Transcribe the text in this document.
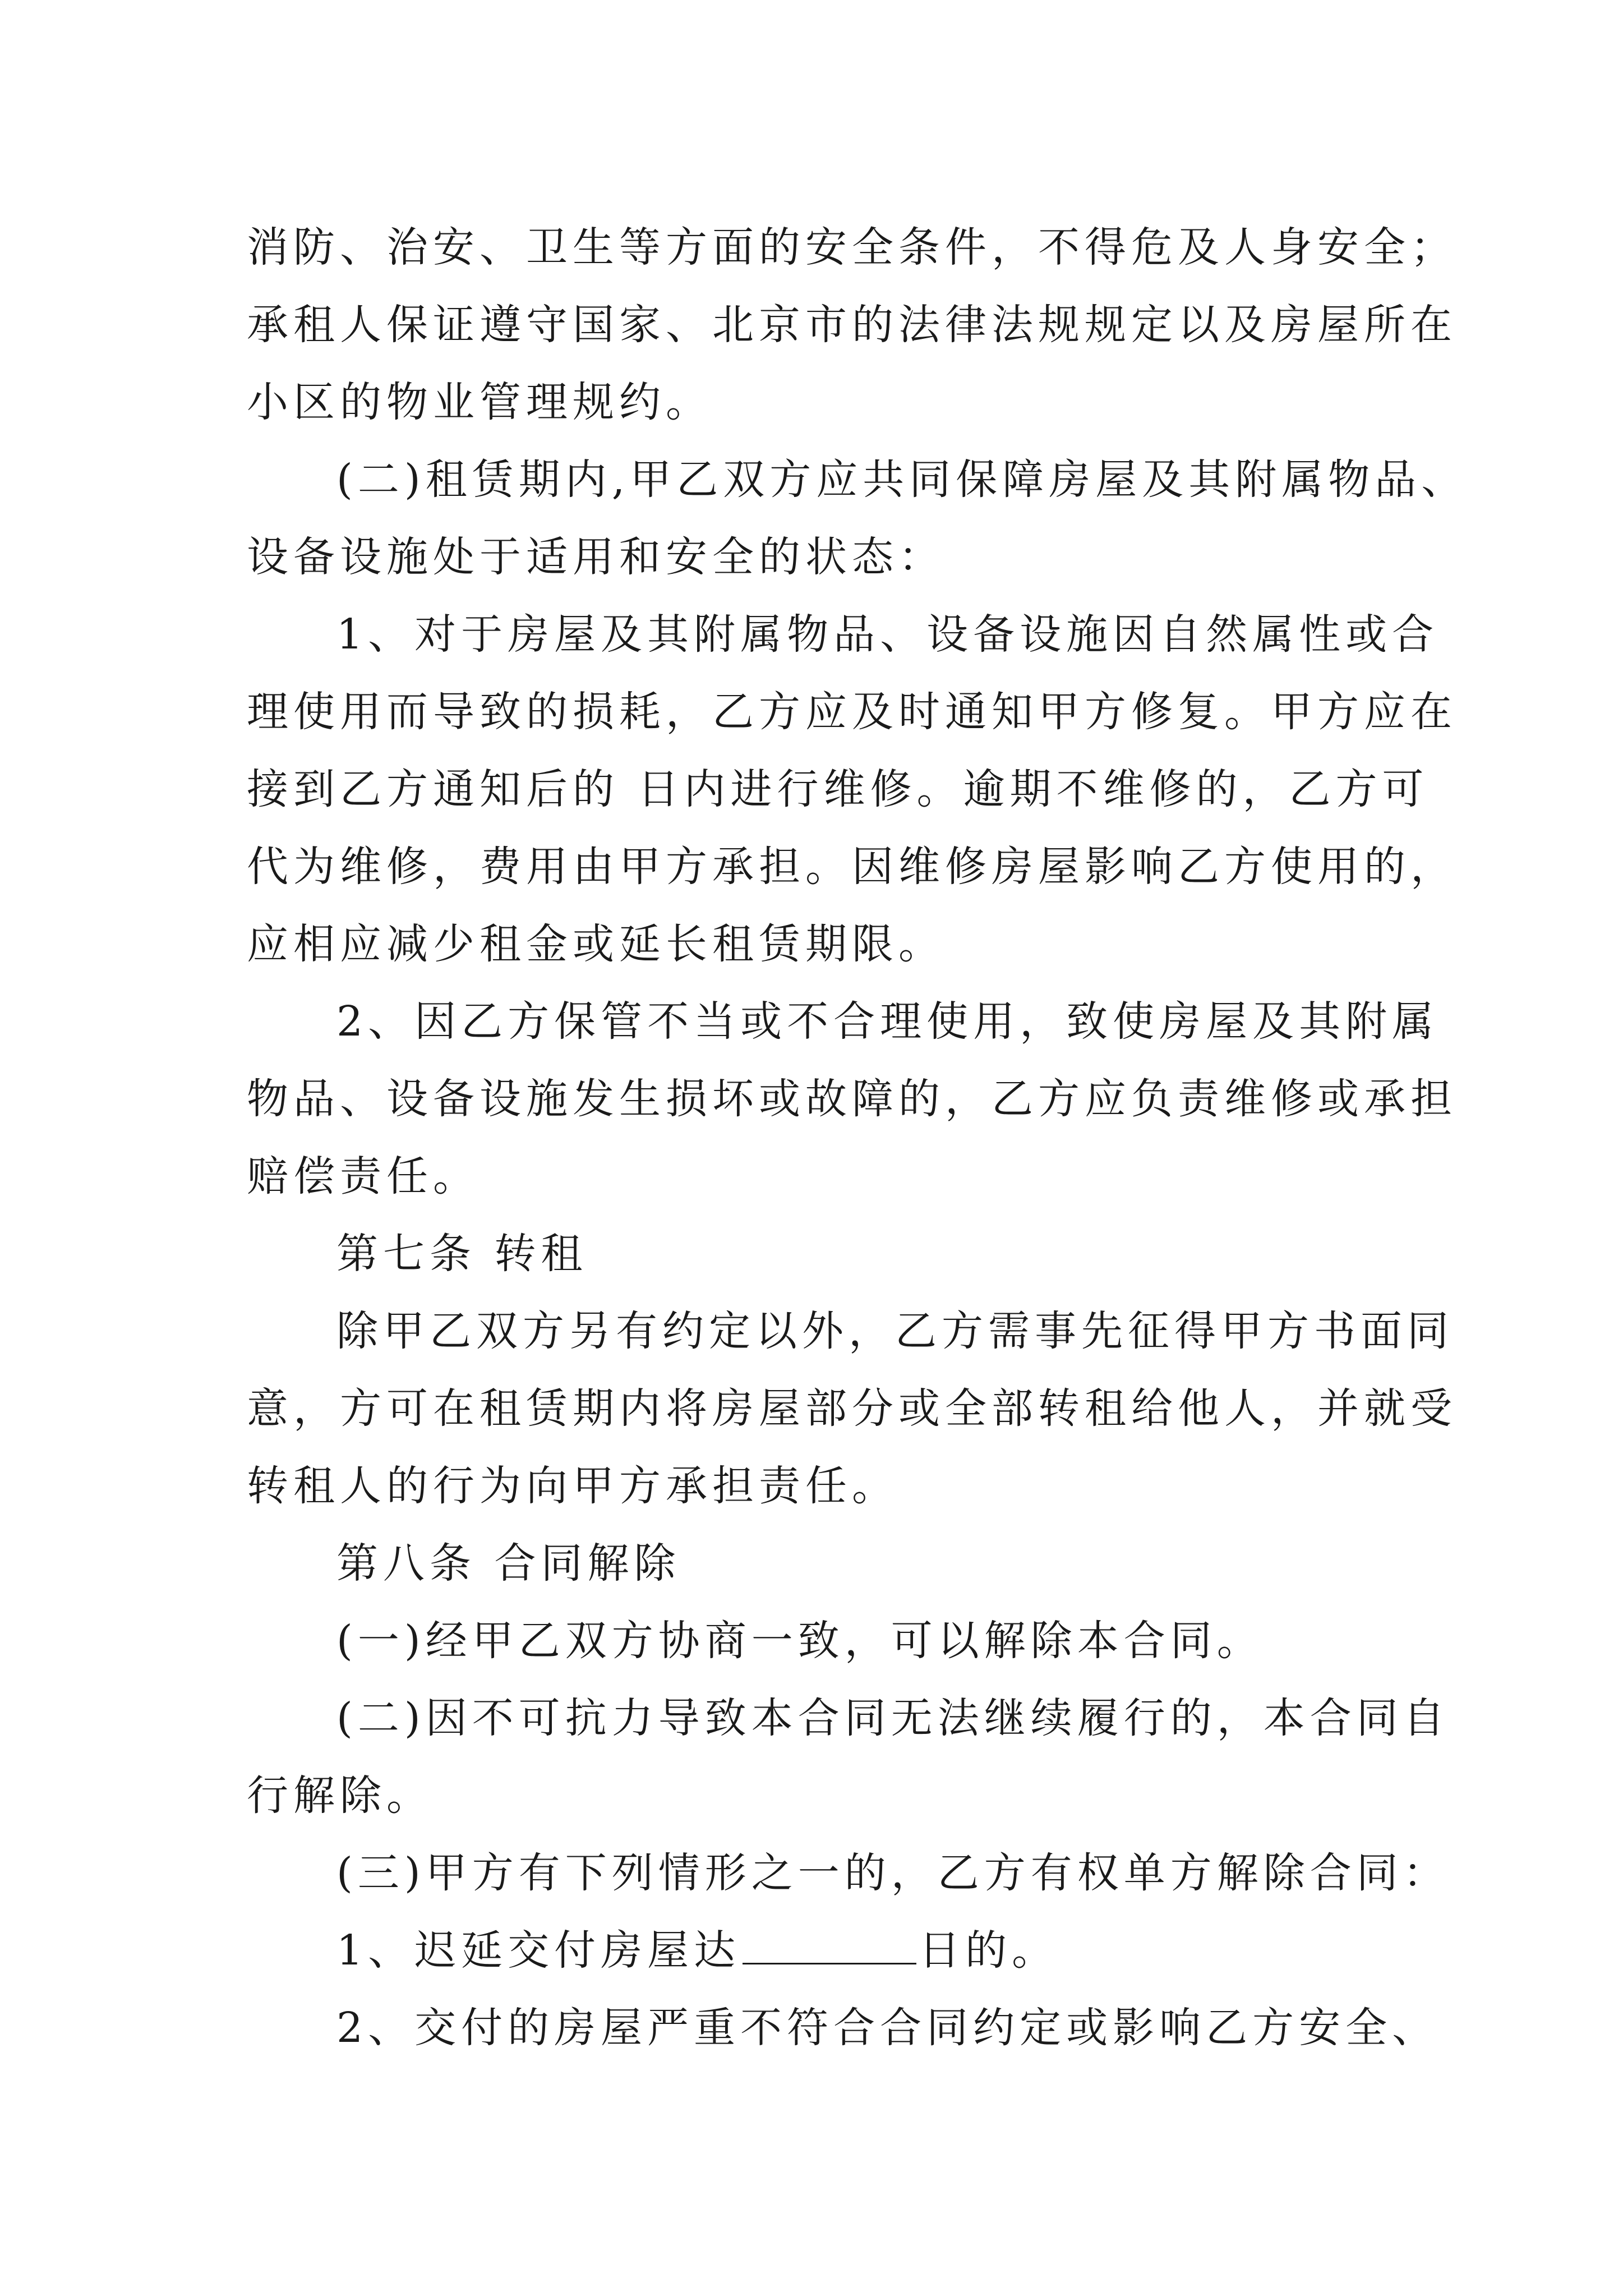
消防、治安、卫生等方面的安全条件，不得危及人身安全；
承租人保证遵守国家、北京市的法律法规规定以及房屋所在
小区的物业管理规约。
(二)租赁期内,甲乙双方应共同保障房屋及其附属物品、
设备设施处于适用和安全的状态：
1、对于房屋及其附属物品、设备设施因自然属性或合
理使用而导致的损耗，乙方应及时通知甲方修复。甲方应在
接到乙方通知后的 日内进行维修。逾期不维修的，乙方可
代为维修，费用由甲方承担。因维修房屋影响乙方使用的，
应相应减少租金或延长租赁期限。
2、因乙方保管不当或不合理使用，致使房屋及其附属
物品、设备设施发生损坏或故障的，乙方应负责维修或承担
赔偿责任。
第七条 转租
除甲乙双方另有约定以外，乙方需事先征得甲方书面同
意，方可在租赁期内将房屋部分或全部转租给他人，并就受
转租人的行为向甲方承担责任。
第八条 合同解除
(一)经甲乙双方协商一致，可以解除本合同。
(二)因不可抗力导致本合同无法继续履行的，本合同自
行解除。
(三)甲方有下列情形之一的，乙方有权单方解除合同：
1、迟延交付房屋达	日的。
2、交付的房屋严重不符合合同约定或影响乙方安全、
